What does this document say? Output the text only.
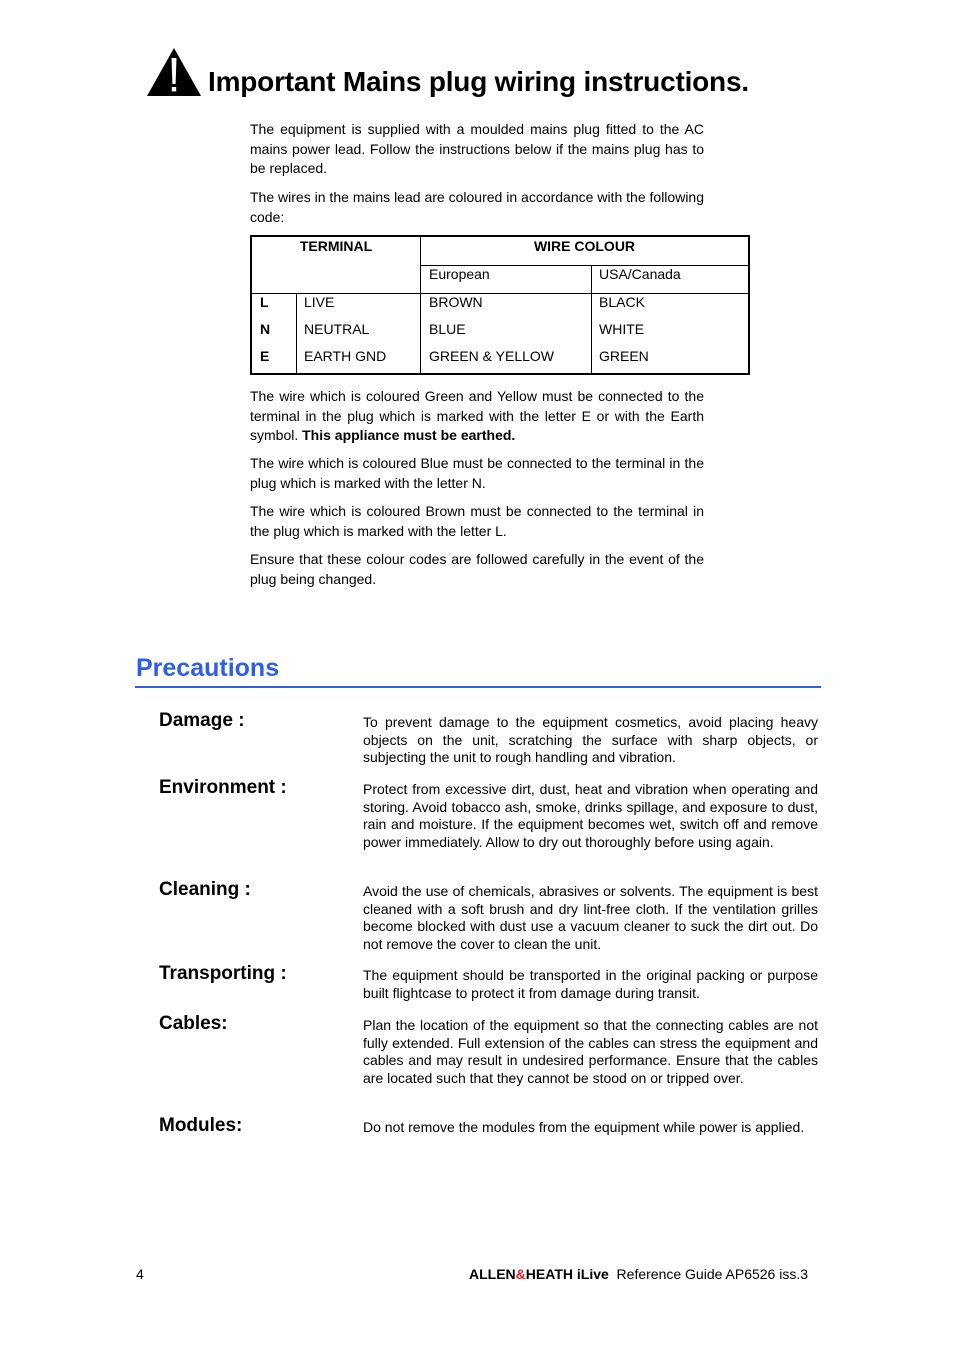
Important Mains plug wiring instructions.
The equipment is supplied with a moulded mains plug fitted to the AC mains power lead. Follow the instructions below if the mains plug has to be replaced.
The wires in the mains lead are coloured in accordance with the following code:
TERMINAL	WIRE COLOUR
European	USA/Canada
L	LIVE	BROWN	BLACK
N NEUTRAL	BLUE	WHITE
E EARTH GND	GREEN & YELLOW	GREEN
The wire which is coloured Green and Yellow must be connected to the terminal in the plug which is marked with the letter E or with the Earth symbol. This appliance must be earthed.
The wire which is coloured Blue must be connected to the terminal in the plug which is marked with the letter N.
The wire which is coloured Brown must be connected to the terminal in the plug which is marked with the letter L.
Ensure that these colour codes are followed carefully in the event of the plug being changed.
Precautions
Damage :	To prevent damage to the equipment cosmetics, avoid placing heavy objects on the unit, scratching the surface with sharp objects, or subjecting the unit to rough handling and vibration.
Environment :	Protect from excessive dirt, dust, heat and vibration when operating and storing. Avoid tobacco ash, smoke, drinks spillage, and exposure to dust, rain and moisture. If the equipment becomes wet, switch off and remove power immediately. Allow to dry out thoroughly before using again.
Cleaning :	Avoid the use of chemicals, abrasives or solvents. The equipment is best cleaned with a soft brush and dry lint-free cloth. If the ventilation grilles become blocked with dust use a vacuum cleaner to suck the dirt out. Do not remove the cover to clean the unit.
Transporting :	The equipment should be transported in the original packing or purpose built flightcase to protect it from damage during transit.
Cables:	Plan the location of the equipment so that the connecting cables are not fully extended. Full extension of the cables can stress the equipment and cables and may result in undesired performance. Ensure that the cables are located such that they cannot be stood on or tripped over.
Modules:	Do not remove the modules from the equipment while power is applied.
4	ALLEN&HEATH iLive  Reference Guide AP6526 iss.3
